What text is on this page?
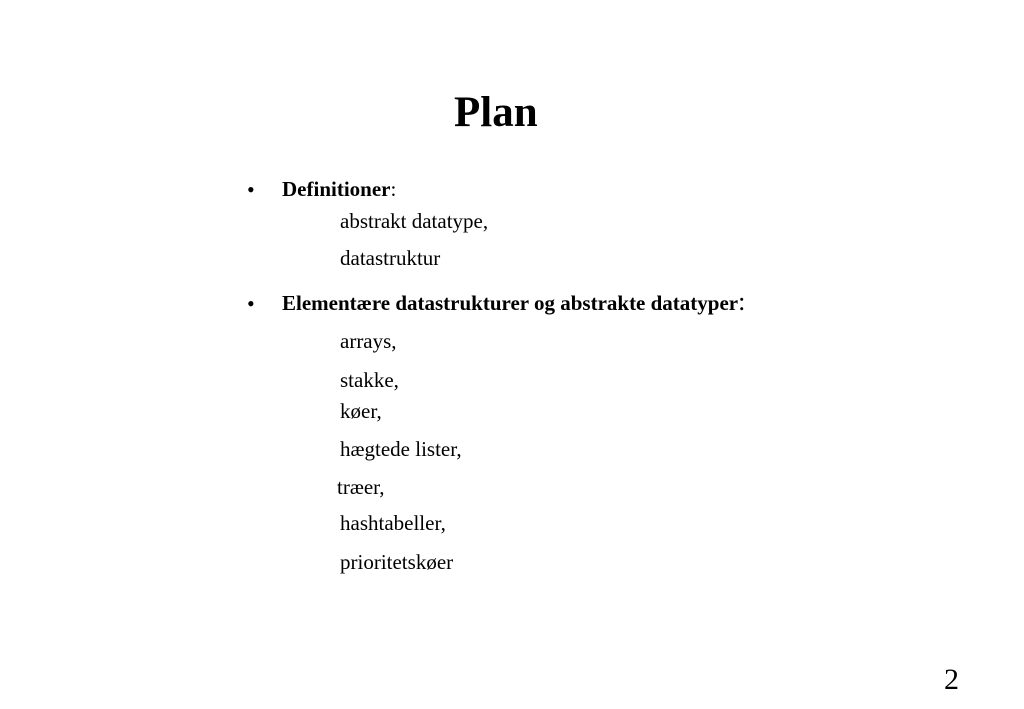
Plan
• Definitioner:
abstrakt datatype,
datastruktur
• Elementære datastrukturer og abstrakte datatyper:
arrays,
stakke,
køer,
hægtede lister,
træer,
hashtabeller,
prioritetskøer
2
